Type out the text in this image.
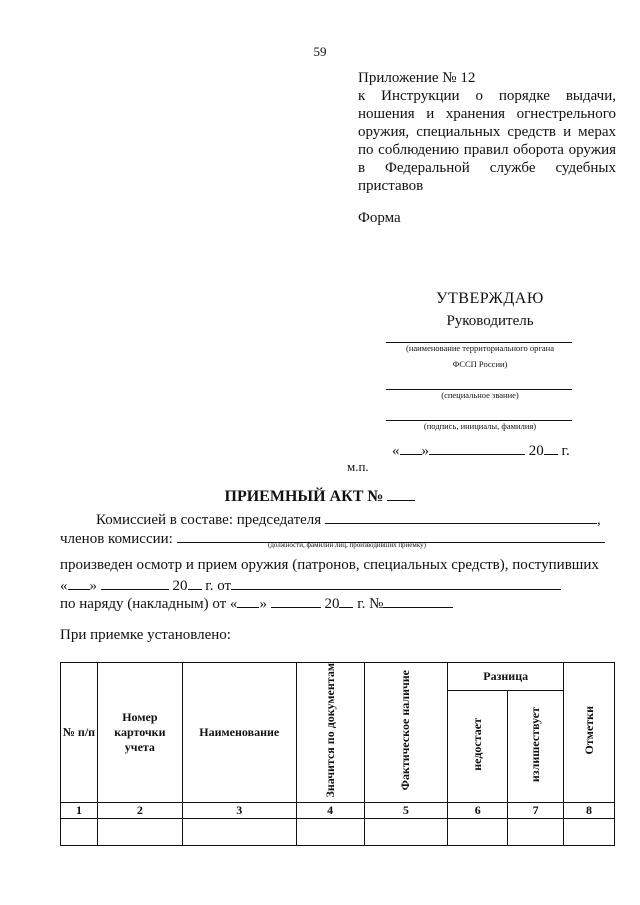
59
Приложение № 12
к Инструкции о порядке выдачи,
ношения и хранения огнестрельного
оружия, специальных средств и мерах
по соблюдению правил оборота оружия
в Федеральной службе судебных
приставов
Форма
УТВЕРЖДАЮ
Руководитель
(наименование территориального органа
ФССП России)
(специальное звание)
(подпись, инициалы, фамилия)
« »	20 г.
м.п.
ПРИЕМНЫЙ АКТ №
Комиссией в составе: председателя	,
членов комиссии:	(должности, фамилии лиц, производивших приемку)
произведен осмотр и прием оружия (патронов, специальных средств), поступивших
« »	20 г. от
по наряду (накладным) от « »	20 г. №
При приемке установлено:
№ п/п	Номер карточки учета	Наименование	Значится по документам	Фактическое наличие	Разница		Отметки
					недостает	излишествует	
1	2	3	4	5	6	7	8
